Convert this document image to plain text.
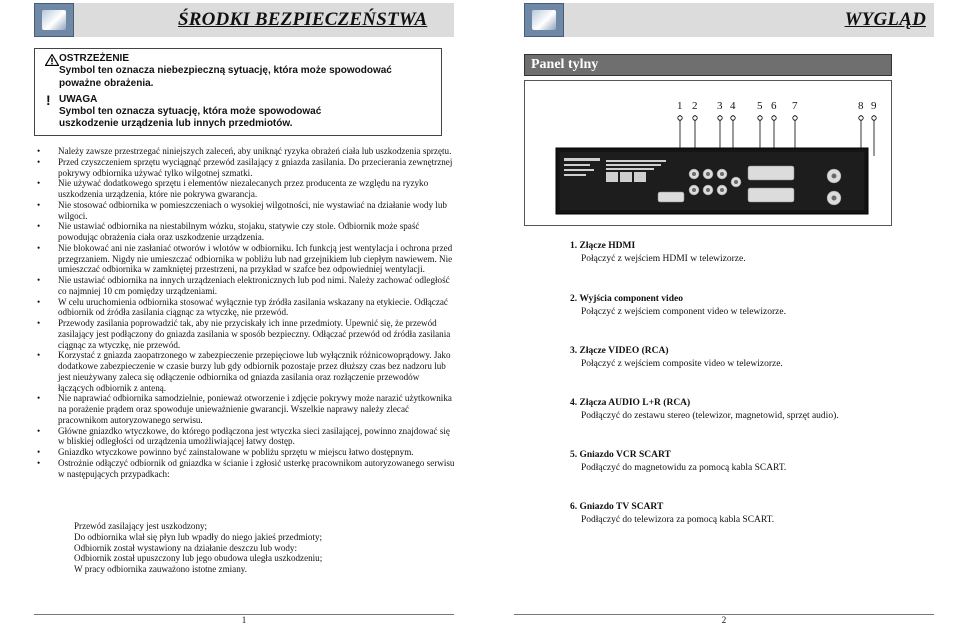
ŚRODKI BEZPIECZEŃSTWA
OSTRZEŻENIE
Symbol ten oznacza niebezpieczną sytuację, która może spowodować
poważne obrażenia.
! UWAGA
Symbol ten oznacza sytuację, która może spowodować
uszkodzenie urządzenia lub innych przedmiotów.
• Należy zawsze przestrzegać niniejszych zaleceń, aby uniknąć ryzyka obrażeń ciała lub uszkodzenia sprzętu.
• Przed czyszczeniem sprzętu wyciągnąć przewód zasilający z gniazda zasilania. Do przecierania zewnętrznej pokrywy odbiornika używać tylko wilgotnej szmatki.
• Nie używać dodatkowego sprzętu i elementów niezalecanych przez producenta ze względu na ryzyko uszkodzenia urządzenia, które nie pokrywa gwarancja.
• Nie stosować odbiornika w pomieszczeniach o wysokiej wilgotności, nie wystawiać na działanie wody lub wilgoci.
• Nie ustawiać odbiornika na niestabilnym wózku, stojaku, statywie czy stole. Odbiornik może spaść powodując obrażenia ciała oraz uszkodzenie urządzenia.
• Nie blokować ani nie zasłaniać otworów i wlotów w odbiorniku. Ich funkcją jest wentylacja i ochrona przed przegrzaniem. Nigdy nie umieszczać odbiornika w pobliżu lub nad grzejnikiem lub ciepłym nawiewem. Nie umieszczać odbiornika w zamkniętej przestrzeni, na przykład w szafce bez odpowiedniej wentylacji.
• Nie ustawiać odbiornika na innych urządzeniach elektronicznych lub pod nimi. Należy zachować odległość co najmniej 10 cm pomiędzy urządzeniami.
• W celu uruchomienia odbiornika stosować wyłącznie typ źródła zasilania wskazany na etykiecie. Odłączać odbiornik od źródła zasilania ciągnąc za wtyczkę, nie przewód.
• Przewody zasilania poprowadzić tak, aby nie przyciskały ich inne przedmioty. Upewnić się, że przewód zasilający jest podłączony do gniazda zasilania w sposób bezpieczny. Odłączać przewód od źródła zasilania ciągnąc za wtyczkę, nie przewód.
• Korzystać z gniazda zaopatrzonego w zabezpieczenie przepięciowe lub wyłącznik różnicowoprądowy. Jako dodatkowe zabezpieczenie w czasie burzy lub gdy odbiornik pozostaje przez dłuższy czas bez nadzoru lub jest nieużywany zaleca się odłączenie odbiornika od gniazda zasilania oraz rozłączenie przewodów łączących odbiornik z anteną.
• Nie naprawiać odbiornika samodzielnie, ponieważ otworzenie i zdjęcie pokrywy może narazić użytkownika na porażenie prądem oraz spowoduje unieważnienie gwarancji. Wszelkie naprawy należy zlecać pracownikom autoryzowanego serwisu.
• Główne gniazdko wtyczkowe, do którego podłączona jest wtyczka sieci zasilającej, powinno znajdować się w bliskiej odległości od urządzenia umożliwiającej łatwy dostęp.
• Gniazdko wtyczkowe powinno być zainstalowane w pobliżu sprzętu w miejscu łatwo dostępnym.
• Ostrożnie odłączyć odbiornik od gniazdka w ścianie i zgłosić usterkę pracownikom autoryzowanego serwisu w następujących przypadkach:
Przewód zasilający jest uszkodzony;
Do odbiornika wlał się płyn lub wpadły do niego jakieś przedmioty;
Odbiornik został wystawiony na działanie deszczu lub wody:
Odbiornik został upuszczony lub jego obudowa uległa uszkodzeniu;
W pracy odbiornika zauważono istotne zmiany.
1
WYGLĄD
Panel tylny
1 2 3 4 5 6 7	8 9
1. Złącze HDMI
Połączyć z wejściem HDMI w telewizorze.
2. Wyjścia component video
Połączyć z wejściem component video w telewizorze.
3. Złącze VIDEO (RCA)
Połączyć z wejściem composite video w telewizorze.
4. Złącza AUDIO L+R (RCA)
Podłączyć do zestawu stereo (telewizor, magnetowid, sprzęt audio).
5. Gniazdo VCR SCART
Podłączyć do magnetowidu za pomocą kabla SCART.
6. Gniazdo TV SCART
Podłączyć do telewizora za pomocą kabla SCART.
2
